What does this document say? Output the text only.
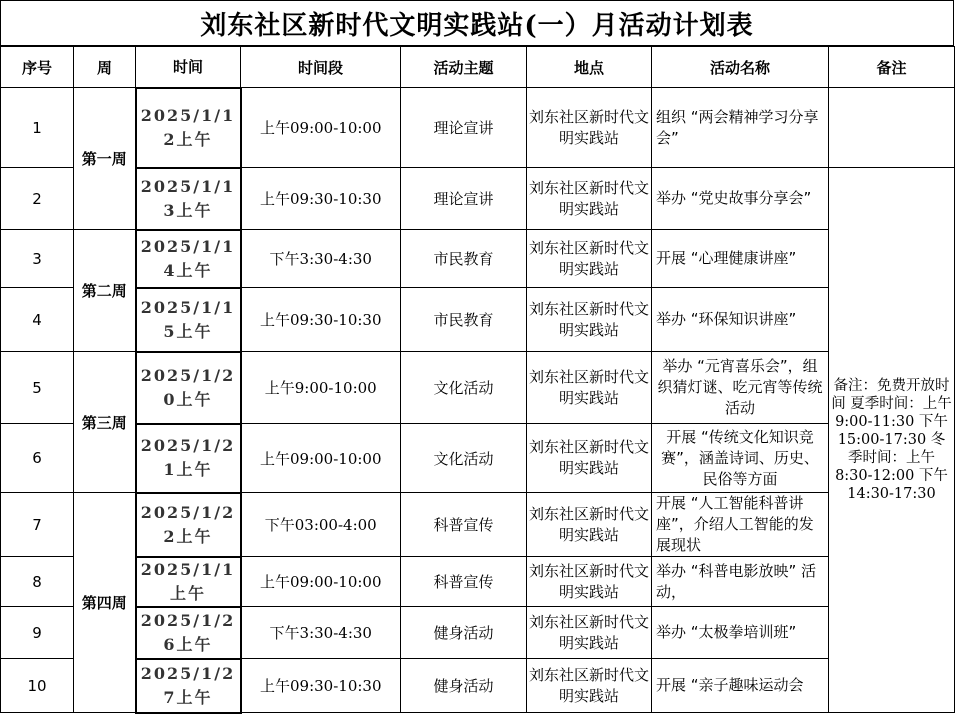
刘东社区新时代文明实践站(一）月活动计划表
序号	周	时间	时间段	活动主题	地点	活动名称	备注
1	第一周	2025/1/12上午	上午09:00-10:00	理论宣讲	刘东社区新时代文明实践站	组织 “两会精神学习分享会”	
2		2025/1/13上午	上午09:30-10:30	理论宣讲	刘东社区新时代文明实践站	举办 “党史故事分享会”	备注：免费开放时间 夏季时间：上午9:00-11:30 下午15:00-17:30 冬季时间：上午8:30-12:00 下午14:30-17:30
3	第二周	2025/1/14上午	下午3:30-4:30	市民教育	刘东社区新时代文明实践站	开展 “心理健康讲座”	
4		2025/1/15上午	上午09:30-10:30	市民教育	刘东社区新时代文明实践站	举办 “环保知识讲座”	
5	第三周	2025/1/20上午	上午9:00-10:00	文化活动	刘东社区新时代文明实践站	举办 “元宵喜乐会”，组织猜灯谜、吃元宵等传统活动	
6		2025/1/21上午	上午09:00-10:00	文化活动	刘东社区新时代文明实践站	开展 “传统文化知识竞赛”，涵盖诗词、历史、民俗等方面	
7	第四周	2025/1/22上午	下午03:00-4:00	科普宣传	刘东社区新时代文明实践站	开展 “人工智能科普讲座”，介绍人工智能的发展现状	
8		2025/1/1上午	上午09:00-10:00	科普宣传	刘东社区新时代文明实践站	举办 “科普电影放映” 活动，	
9		2025/1/26上午	下午3:30-4:30	健身活动	刘东社区新时代文明实践站	举办 “太极拳培训班”	
10		2025/1/27上午	上午09:30-10:30	健身活动	刘东社区新时代文明实践站	开展 “亲子趣味运动会	
